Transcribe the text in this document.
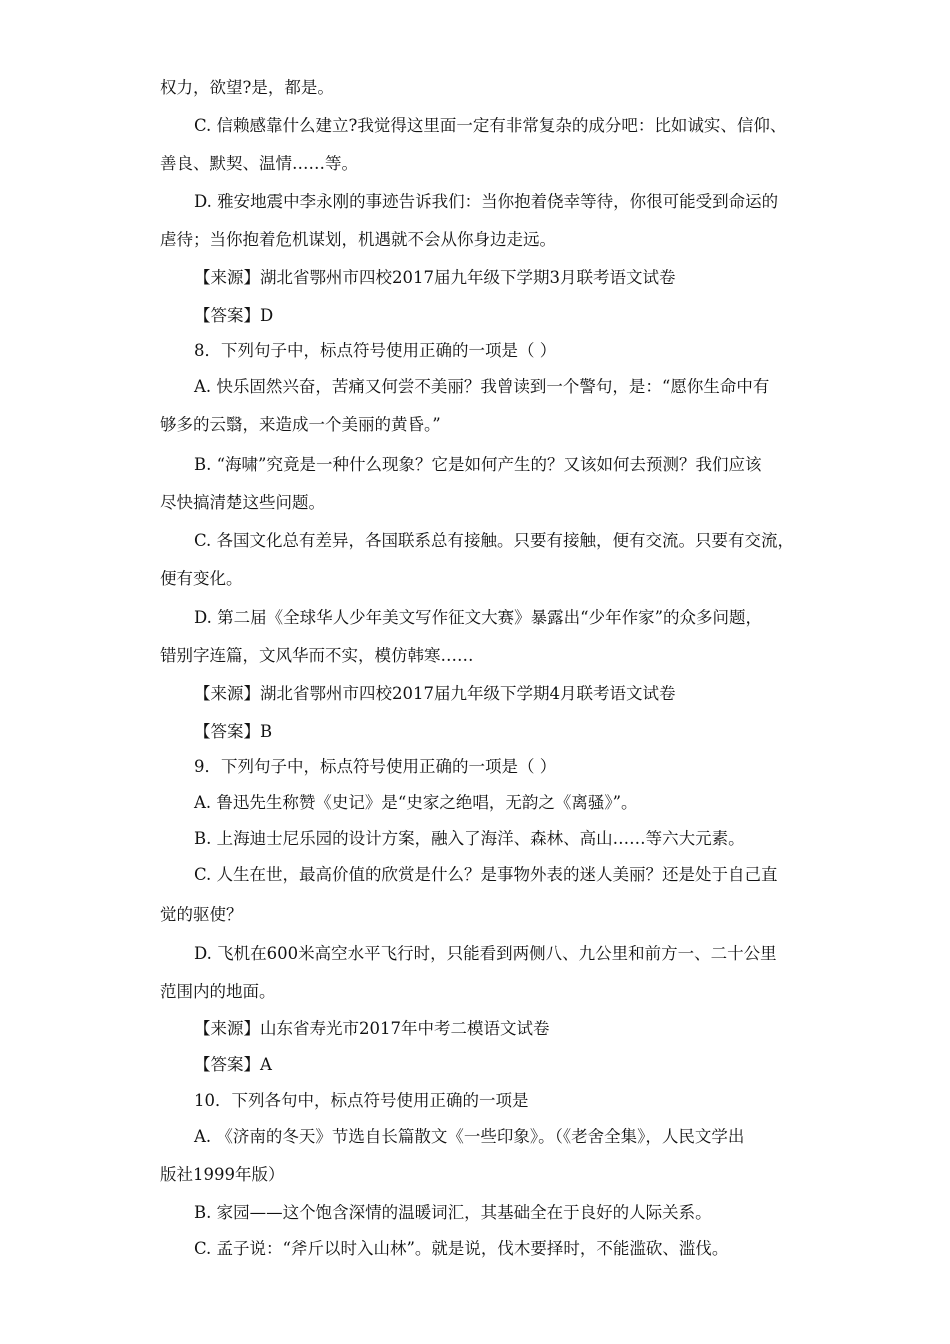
权力，欲望?是，都是。
C. 信赖感靠什么建立?我觉得这里面一定有非常复杂的成分吧：比如诚实、信仰、
善良、默契、温情……等。
D. 雅安地震中李永刚的事迹告诉我们：当你抱着侥幸等待，你很可能受到命运的
虐待；当你抱着危机谋划，机遇就不会从你身边走远。
【来源】湖北省鄂州市四校2017届九年级下学期3月联考语文试卷
【答案】D
8．下列句子中，标点符号使用正确的一项是（ ）
A. 快乐固然兴奋，苦痛又何尝不美丽？我曾读到一个警句，是：“愿你生命中有
够多的云翳，来造成一个美丽的黄昏。”
B. “海啸”究竟是一种什么现象？它是如何产生的？又该如何去预测？我们应该
尽快搞清楚这些问题。
C. 各国文化总有差异，各国联系总有接触。只要有接触，便有交流。只要有交流，
便有变化。
D. 第二届《全球华人少年美文写作征文大赛》暴露出“少年作家”的众多问题，
错别字连篇，文风华而不实，模仿韩寒……
【来源】湖北省鄂州市四校2017届九年级下学期4月联考语文试卷
【答案】B
9．下列句子中，标点符号使用正确的一项是（ ）
A. 鲁迅先生称赞《史记》是“史家之绝唱，无韵之《离骚》”。
B. 上海迪士尼乐园的设计方案，融入了海洋、森林、高山……等六大元素。
C. 人生在世，最高价值的欣赏是什么？是事物外表的迷人美丽？还是处于自己直
觉的驱使？
D. 飞机在600米高空水平飞行时，只能看到两侧八、九公里和前方一、二十公里
范围内的地面。
【来源】山东省寿光市2017年中考二模语文试卷
【答案】A
10．下列各句中，标点符号使用正确的一项是
A. 《济南的冬天》节选自长篇散文《一些印象》。（《老舍全集》，人民文学出
版社1999年版）
B. 家园——这个饱含深情的温暖词汇，其基础全在于良好的人际关系。
C. 孟子说：“斧斤以时入山林”。就是说，伐木要择时，不能滥砍、滥伐。
